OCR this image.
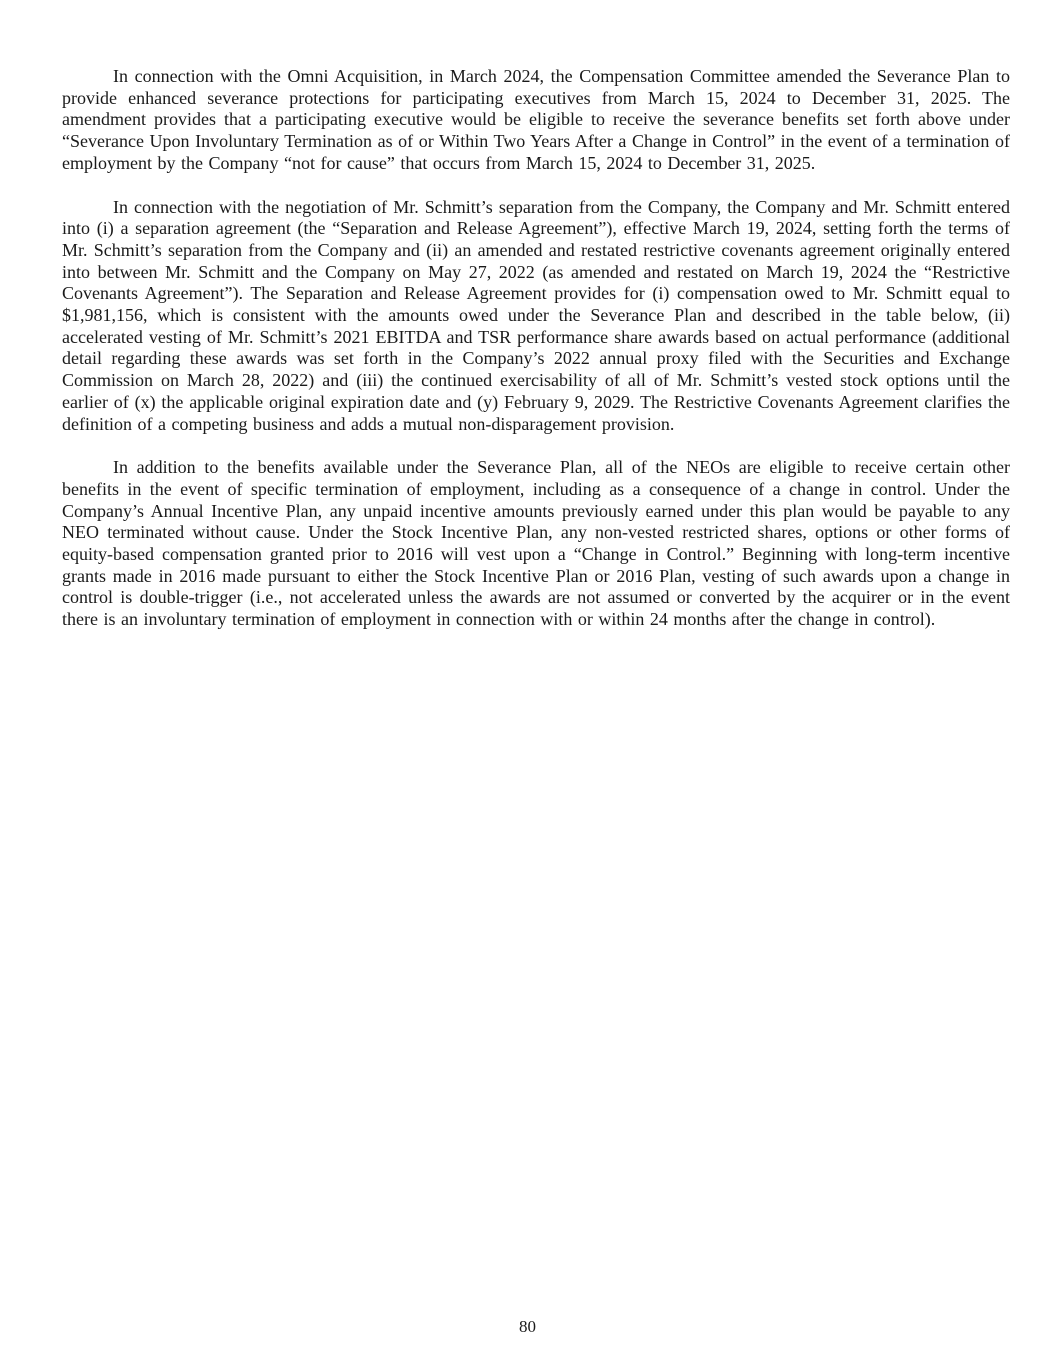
In connection with the Omni Acquisition, in March 2024, the Compensation Committee amended the Severance Plan to provide enhanced severance protections for participating executives from March 15, 2024 to December 31, 2025. The amendment provides that a participating executive would be eligible to receive the severance benefits set forth above under “Severance Upon Involuntary Termination as of or Within Two Years After a Change in Control” in the event of a termination of employment by the Company “not for cause” that occurs from March 15, 2024 to December 31, 2025.

In connection with the negotiation of Mr. Schmitt’s separation from the Company, the Company and Mr. Schmitt entered into (i) a separation agreement (the “Separation and Release Agreement”), effective March 19, 2024, setting forth the terms of Mr. Schmitt’s separation from the Company and (ii) an amended and restated restrictive covenants agreement originally entered into between Mr. Schmitt and the Company on May 27, 2022 (as amended and restated on March 19, 2024 the “Restrictive Covenants Agreement”). The Separation and Release Agreement provides for (i) compensation owed to Mr. Schmitt equal to $1,981,156, which is consistent with the amounts owed under the Severance Plan and described in the table below, (ii) accelerated vesting of Mr. Schmitt’s 2021 EBITDA and TSR performance share awards based on actual performance (additional detail regarding these awards was set forth in the Company’s 2022 annual proxy filed with the Securities and Exchange Commission on March 28, 2022) and (iii) the continued exercisability of all of Mr. Schmitt’s vested stock options until the earlier of (x) the applicable original expiration date and (y) February 9, 2029. The Restrictive Covenants Agreement clarifies the definition of a competing business and adds a mutual non-disparagement provision.

In addition to the benefits available under the Severance Plan, all of the NEOs are eligible to receive certain other benefits in the event of specific termination of employment, including as a consequence of a change in control. Under the Company’s Annual Incentive Plan, any unpaid incentive amounts previously earned under this plan would be payable to any NEO terminated without cause. Under the Stock Incentive Plan, any non-vested restricted shares, options or other forms of equity-based compensation granted prior to 2016 will vest upon a “Change in Control.” Beginning with long-term incentive grants made in 2016 made pursuant to either the Stock Incentive Plan or 2016 Plan, vesting of such awards upon a change in control is double-trigger (i.e., not accelerated unless the awards are not assumed or converted by the acquirer or in the event there is an involuntary termination of employment in connection with or within 24 months after the change in control).

80
